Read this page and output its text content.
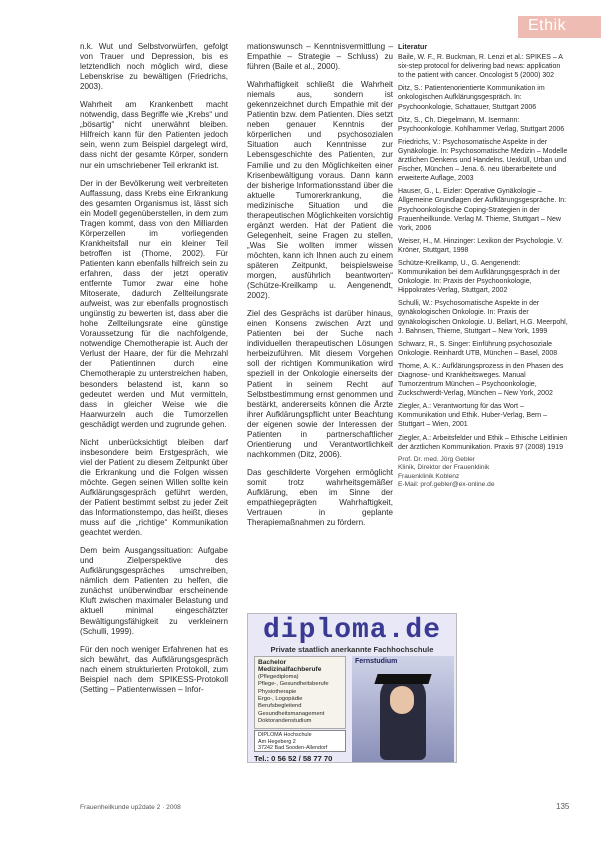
Ethik

n.k. Wut und Selbstvorwürfen, gefolgt von Trauer und Depression, bis es letztendlich noch möglich wird, diese Lebenskrise zu bewältigen (Friedrichs, 2003).

Wahrheit am Krankenbett macht notwendig, dass Begriffe wie „Krebs“ und „bösartig“ nicht unerwähnt bleiben. Hilfreich kann für den Patienten jedoch sein, wenn zum Beispiel dargelegt wird, dass nicht der gesamte Körper, sondern nur ein umschriebener Teil erkrankt ist.

Der in der Bevölkerung weit verbreiteten Auffassung, dass Krebs eine Erkrankung des gesamten Organismus ist, lässt sich ein Modell gegenüberstellen, in dem zum Tragen kommt, dass von den Milliarden Körperzellen im vorliegenden Krankheitsfall nur ein kleiner Teil betroffen ist (Thome, 2002). Für Patienten kann ebenfalls hilfreich sein zu erfahren, dass der jetzt operativ entfernte Tumor zwar eine hohe Mitoserate, dadurch Zellteilungsrate aufweist, was zur ebenfalls prognostisch ungünstig zu bewerten ist, dass aber die hohe Zellteilungsrate eine günstige Voraussetzung für die nachfolgende, notwendige Chemotherapie ist. Auch der Verlust der Haare, der für die Mehrzahl der Patientinnen durch eine Chemotherapie zu unterstreichen haben, besonders belastend ist, kann so gedeutet werden und Mut vermitteln, dass in gleicher Weise wie die Haarwurzeln auch die Tumorzellen geschädigt werden und zugrunde gehen.

Nicht unberücksichtigt bleiben darf insbesondere beim Erstgespräch, wie viel der Patient zu diesem Zeitpunkt über die Erkrankung und die Folgen wissen möchte. Gegen seinen Willen sollte kein Aufklärungsgespräch geführt werden, der Patient bestimmt selbst zu jeder Zeit das Informationstempo, das heißt, dieses muss auf die „richtige“ Kommunikation geachtet werden.

Dem beim Ausgangssituation: Aufgabe und Zielperspektive des Aufklärungsgespräches umschreiben, nämlich dem Patienten zu helfen, die zunächst unüberwindbar erscheinende Kluft zwischen maximaler Belastung und aktuell minimal eingeschätzter Bewältigungsfähigkeit zu verkleinern (Schulli, 1999).

Für den noch weniger Erfahrenen hat es sich bewährt, das Aufklärungsgespräch nach einem strukturierten Protokoll, zum Beispiel nach dem SPIKESS-Protokoll (Setting – Patientenwissen – Infor-

mationswunsch – Kenntnisvermittlung – Empathie – Strategie – Schluss) zu führen (Baile et al., 2000).

Wahrhaftigkeit schließt die Wahrheit niemals aus, sondern ist gekennzeichnet durch Empathie mit der Patientin bzw. dem Patienten. Dies setzt neben genauer Kenntnis der körperlichen und psychosozialen Situation auch Kenntnisse zur Lebensgeschichte des Patienten, zur Familie und zu den Möglichkeiten einer Krisenbewältigung voraus. Dann kann der bisherige Informationsstand über die aktuelle Tumorerkrankung, die medizinische Situation und die therapeutischen Möglichkeiten vorsichtig ergänzt werden. Hat der Patient die Gelegenheit, seine Fragen zu stellen, „Was Sie wollten immer wissen möchten, kann ich Ihnen auch zu einem späteren Zeitpunkt, beispielsweise morgen, ausführlich beantworten“ (Schütze-Kreilkamp u. Aengenendt, 2002).

Ziel des Gesprächs ist darüber hinaus, einen Konsens zwischen Arzt und Patienten bei der Suche nach individuellen therapeutischen Lösungen herbeizuführen. Mit diesem Vorgehen soll der richtigen Kommunikation wird speziell in der Onkologie einerseits der Patient in seinem Recht auf Selbstbestimmung ernst genommen und bestärkt, andererseits können die Ärzte ihrer Aufklärungspflicht unter Beachtung der eigenen sowie der Interessen der Patienten in partnerschaftlicher Orientierung und Verantwortlichkeit nachkommen (Ditz, 2006).

Das geschilderte Vorgehen ermöglicht somit trotz wahrheitsgemäßer Aufklärung, eben im Sinne der empathiegeprägten Wahrhaftigkeit, Vertrauen in geplante Therapiemaßnahmen zu fördern.

Literatur

Baile, W. F., R. Buckman, R. Lenzi et al.: SPIKES – A six-step protocol for delivering bad news: application to the patient with cancer. Oncologist 5 (2000) 302

Ditz, S.: Patientenorientierte Kommunikation im onkologischen Aufklärungsgespräch. In: Psychoonkologie, Schattauer, Stuttgart 2006

Ditz, S., Ch. Diegelmann, M. Isermann: Psychoonkologie. Kohlhammer Verlag, Stuttgart 2006

Friedrichs, V.: Psychosomatische Aspekte in der Gynäkologie. In: Psychosomatische Medizin – Modelle ärztlichen Denkens und Handelns. Uexküll, Urban und Fischer, München – Jena. 6. neu überarbeitete und erweiterte Auflage, 2003

Hauser, G., L. Eizler: Operative Gynäkologie – Allgemeine Grundlagen der Aufklärungsgespräche. In: Psychoonkologische Coping-Strategien in der Frauenheilkunde. Verlag M. Thieme, Stuttgart – New York, 2006

Weiser, H., M. Hinzinger: Lexikon der Psychologie. V. Kröner, Stuttgart, 1998

Schütze-Kreilkamp, U., G. Aengenendt: Kommunikation bei dem Aufklärungsgespräch in der Onkologie. In: Praxis der Psychoonkologie, Hippokrates-Verlag, Stuttgart, 2002

Schulli, W.: Psychosomatische Aspekte in der gynäkologischen Onkologie. In: Praxis der gynäkologischen Onkologie. U. Bellart, H.G. Meerpohl, J. Bahnsen, Thieme, Stuttgart – New York, 1999

Schwarz, R., S. Singer: Einführung psychosoziale Onkologie. Reinhardt UTB, München – Basel, 2008

Thome, A. K.: Aufklärungsprozess in den Phasen des Diagnose- und Krankheitsweges. Manual Tumorzentrum München – Psychoonkologie, Zuckschwerdt-Verlag, München – New York, 2002

Ziegler, A.: Verantwortung für das Wort – Kommunikation und Ethik. Huber-Verlag, Bern – Stuttgart – Wien, 2001

Ziegler, A.: Arbeitsfelder und Ethik – Ethische Leitlinien der ärztlichen Kommunikation. Praxis 97 (2008) 1919

Prof. Dr. med. Jörg Gebler
Klinik, Direktor der Frauenklinik
Frauenklinik Koblenz
E-Mail: prof.gebler@ex-online.de
diploma.de
Private staatlich anerkannte Fachhochschule
Bachelor Medizinalfachberufe
(Pflegediploma)
Pflege-, Gesundheitsberufe
Physiotherapie
Ergo-, Logopädie
Berufsbegleitend
Gesundheitsmanagement
Doktorandenstudium
DIPLOMA Hochschule
Am Hegeberg 2
37242 Bad Sooden-Allendorf
Tel.: 0 56 52 / 58 77 70
Fernstudium
Frauenheilkunde up2date 2 · 2008	135
